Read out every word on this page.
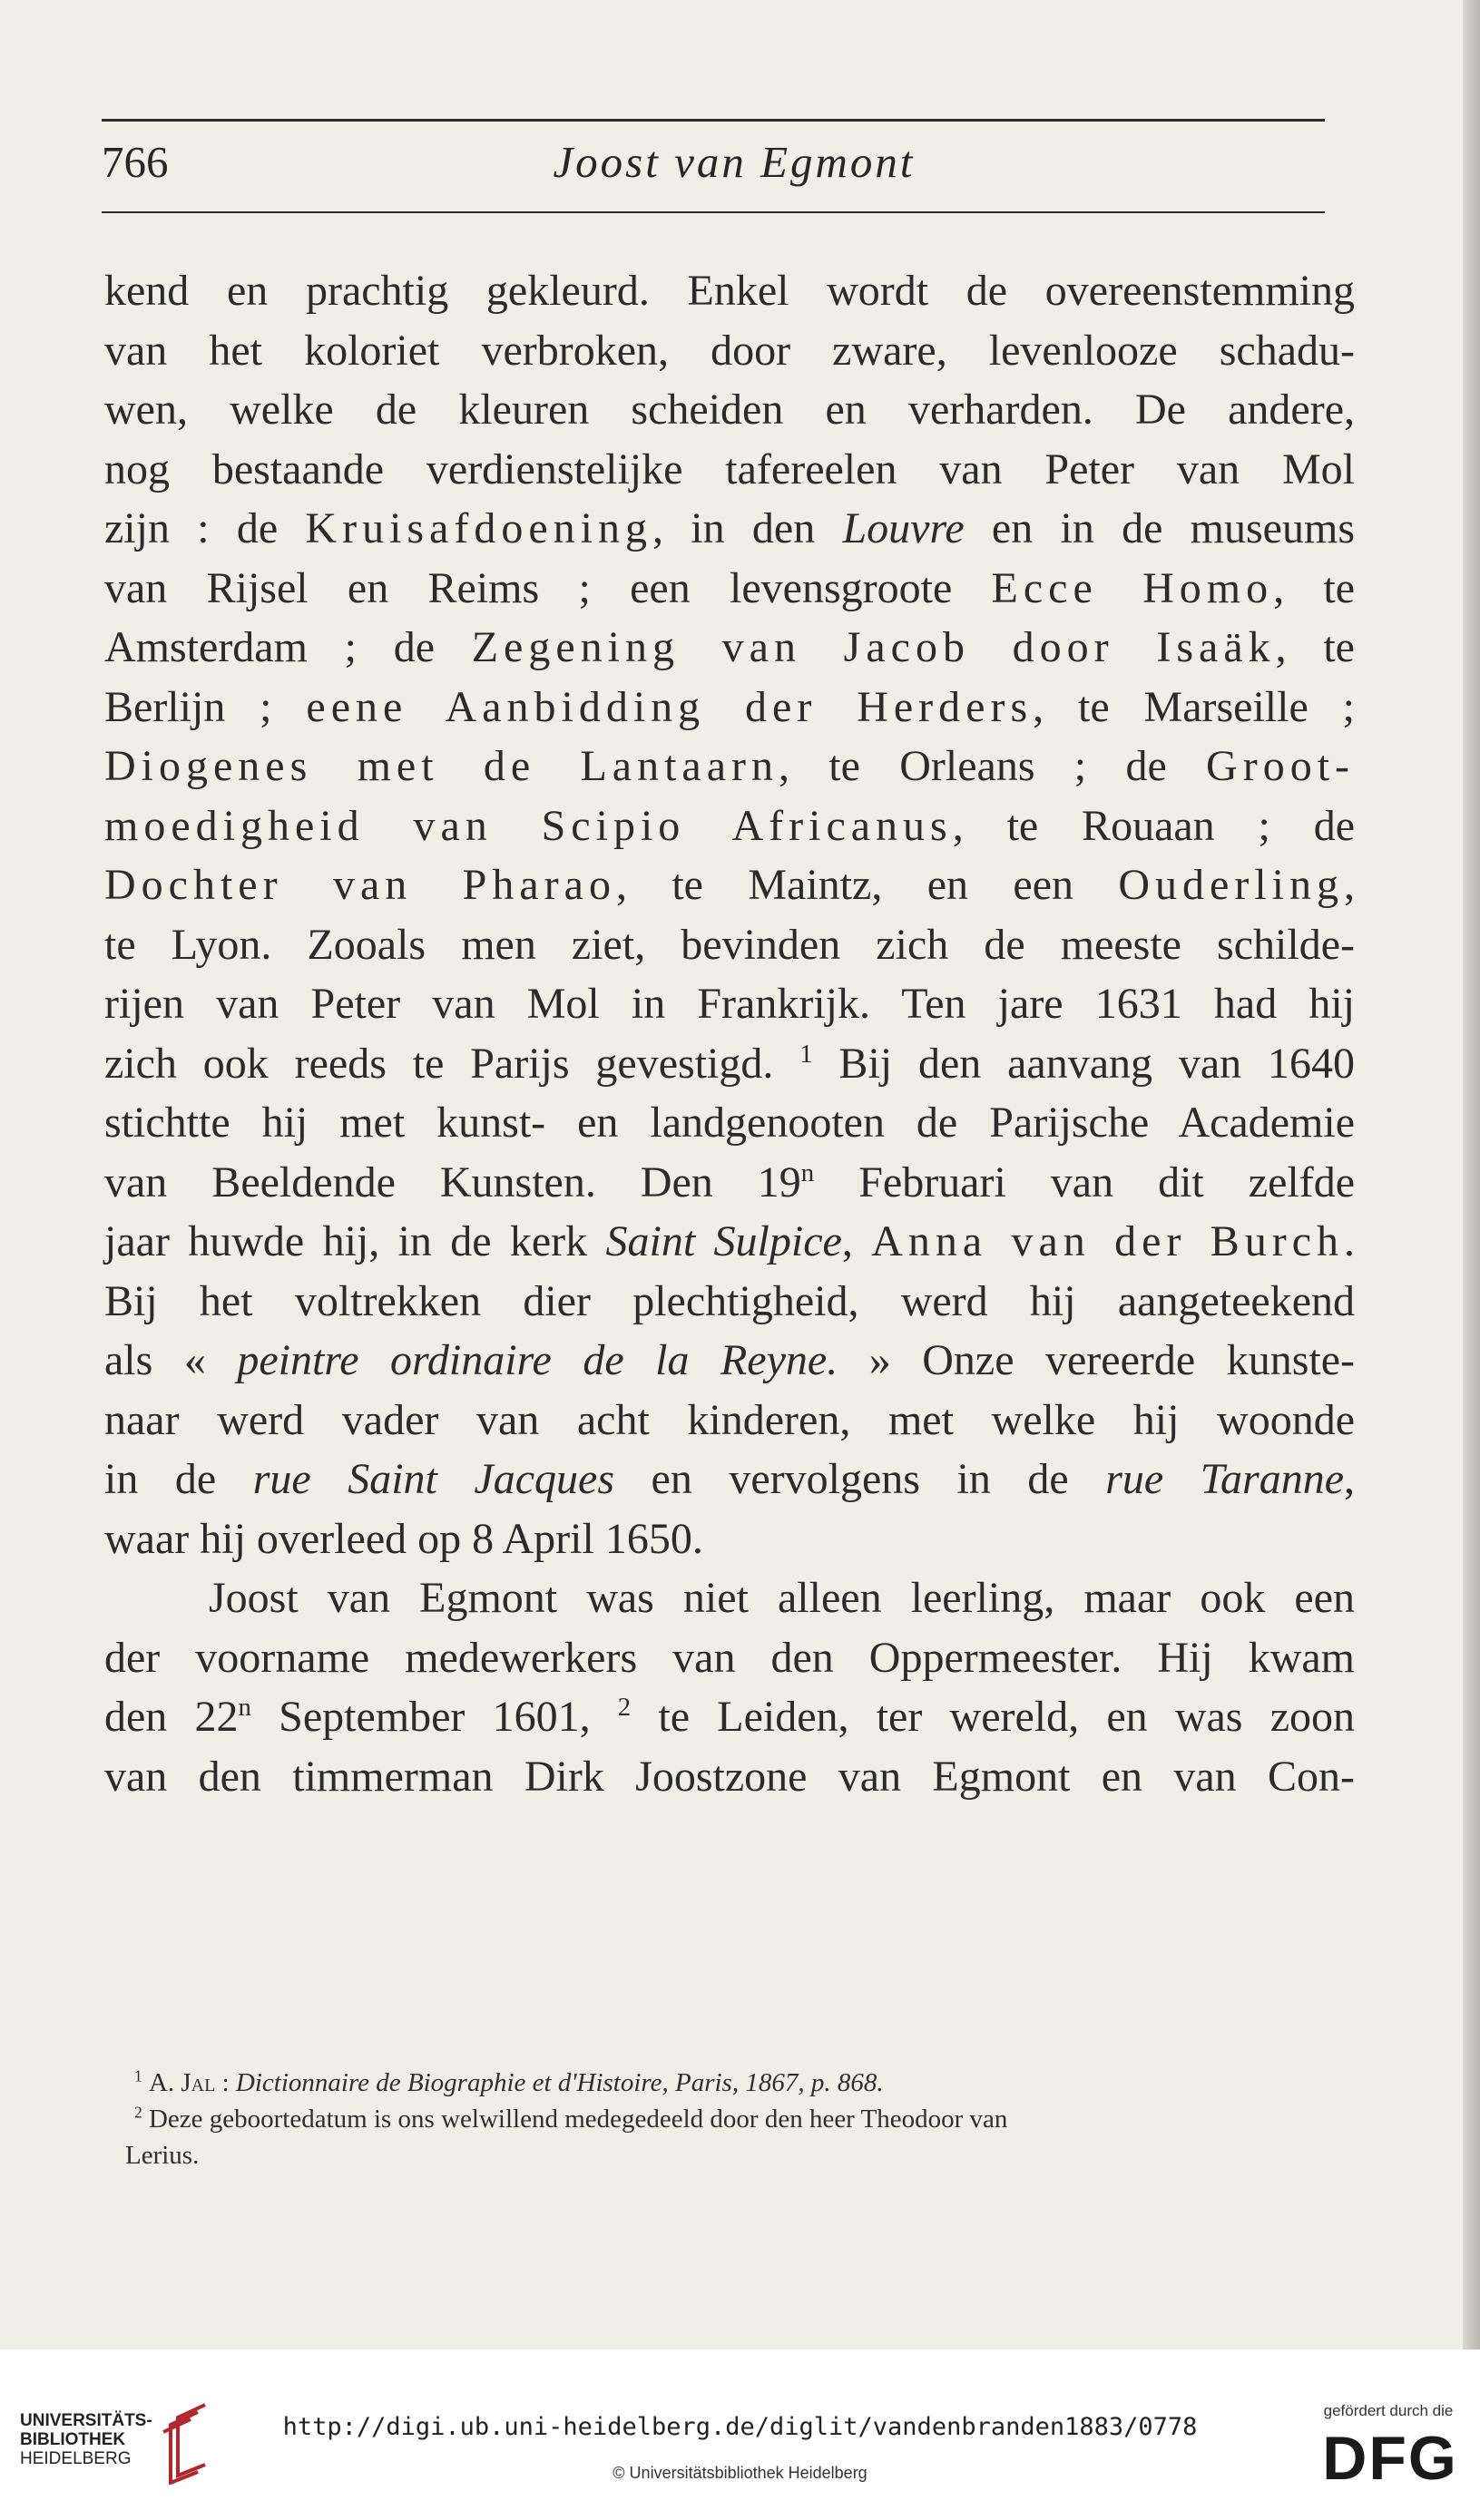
766	Joost van Egmont
kend en prachtig gekleurd. Enkel wordt de overeenstemming
van het koloriet verbroken, door zware, levenlooze schadu-
wen, welke de kleuren scheiden en verharden. De andere,
nog bestaande verdienstelijke tafereelen van Peter van Mol
zijn : de Kruisafdoening, in den Louvre en in de museums
van Rijsel en Reims ; een levensgroote Ecce Homo, te
Amsterdam ; de Zegening van Jacob door Isaäk, te
Berlijn ; eene Aanbidding der Herders, te Marseille ;
Diogenes met de Lantaarn, te Orleans ; de Groot-
moedigheid van Scipio Africanus, te Rouaan ; de
Dochter van Pharao, te Maintz, en een Ouderling,
te Lyon. Zooals men ziet, bevinden zich de meeste schilde-
rijen van Peter van Mol in Frankrijk. Ten jare 1631 had hij
zich ook reeds te Parijs gevestigd. $^1$ Bij den aanvang van 1640
stichtte hij met kunst- en landgenooten de Parijsche Academie
van Beeldende Kunsten. Den 19$^n$ Februari van dit zelfde
jaar huwde hij, in de kerk Saint Sulpice, Anna van der Burch.
Bij het voltrekken dier plechtigheid, werd hij aangeteekend
als « peintre ordinaire de la Reyne. » Onze vereerde kunste-
naar werd vader van acht kinderen, met welke hij woonde
in de rue Saint Jacques en vervolgens in de rue Taranne,
waar hij overleed op 8 April 1650.
Joost van Egmont was niet alleen leerling, maar ook een
der voorname medewerkers van den Oppermeester. Hij kwam
den 22$^n$ September 1601, $^2$ te Leiden, ter wereld, en was zoon
van den timmerman Dirk Joostzone van Egmont en van Con-
$^1$ A. Jal : Dictionnaire de Biographie et d'Histoire, Paris, 1867, p. 868.
$^2$ Deze geboortedatum is ons welwillend medegedeeld door den heer Theodoor van
Lerius.
UNIVERSITÄTS-
BIBLIOTHEK
HEIDELBERG
http://digi.ub.uni-heidelberg.de/diglit/vandenbranden1883/0778
© Universitätsbibliothek Heidelberg
gefördert durch die
DFG
